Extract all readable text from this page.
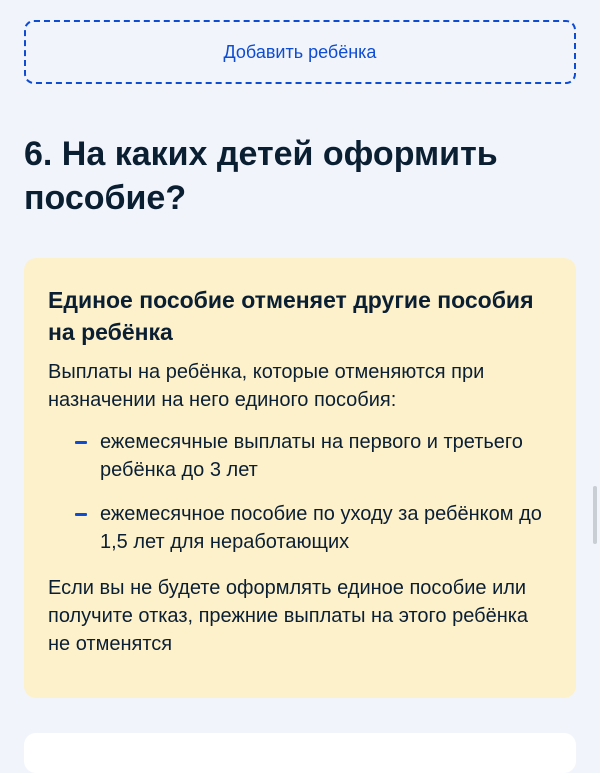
Добавить ребёнка
6. На каких детей оформить пособие?
Единое пособие отменяет другие пособия на ребёнка

Выплаты на ребёнка, которые отменяются при назначении на него единого пособия:

ежемесячные выплаты на первого и третьего ребёнка до 3 лет
ежемесячное пособие по уходу за ребёнком до 1,5 лет для неработающих

Если вы не будете оформлять единое пособие или получите отказ, прежние выплаты на этого ребёнка не отменятся
